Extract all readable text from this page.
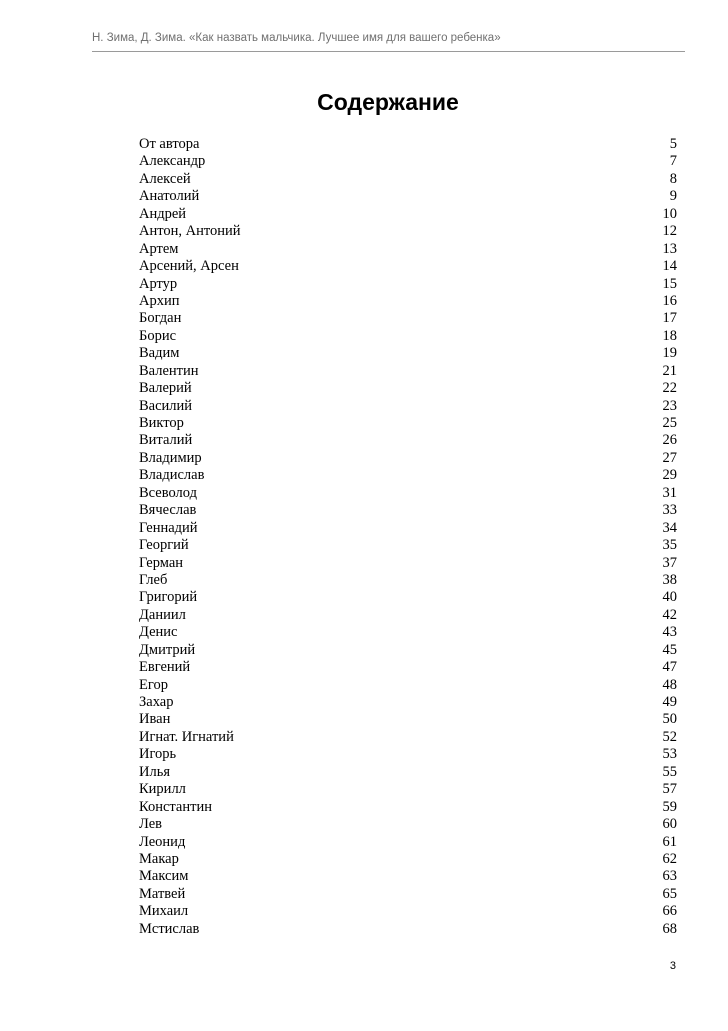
Н. Зима, Д. Зима. «Как назвать мальчика. Лучшее имя для вашего ребенка»
Содержание
От автора	5
Александр	7
Алексей	8
Анатолий	9
Андрей	10
Антон, Антоний	12
Артем	13
Арсений, Арсен	14
Артур	15
Архип	16
Богдан	17
Борис	18
Вадим	19
Валентин	21
Валерий	22
Василий	23
Виктор	25
Виталий	26
Владимир	27
Владислав	29
Всеволод	31
Вячеслав	33
Геннадий	34
Георгий	35
Герман	37
Глеб	38
Григорий	40
Даниил	42
Денис	43
Дмитрий	45
Евгений	47
Егор	48
Захар	49
Иван	50
Игнат. Игнатий	52
Игорь	53
Илья	55
Кирилл	57
Константин	59
Лев	60
Леонид	61
Макар	62
Максим	63
Матвей	65
Михаил	66
Мстислав	68
3
